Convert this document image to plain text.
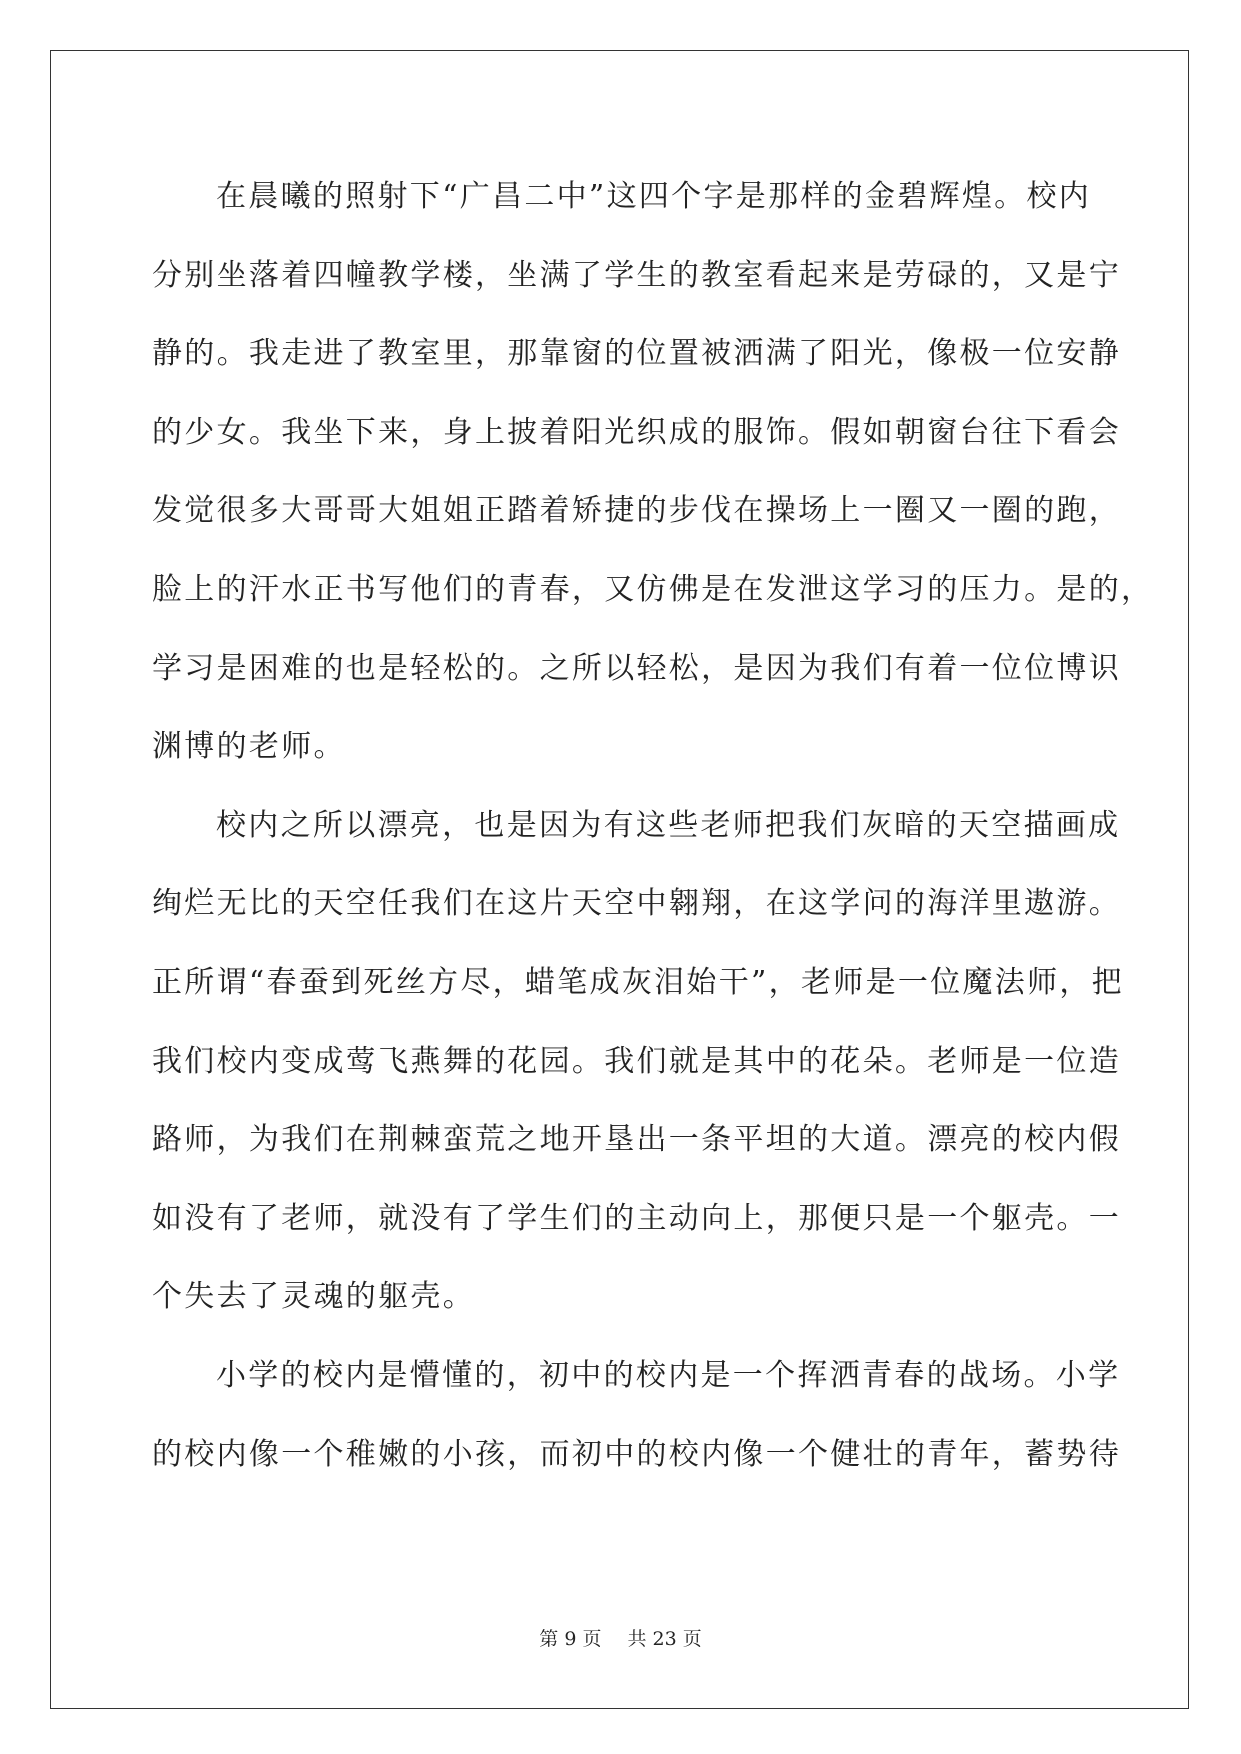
在晨曦的照射下“广昌二中”这四个字是那样的金碧辉煌。校内
分别坐落着四幢教学楼，坐满了学生的教室看起来是劳碌的，又是宁
静的。我走进了教室里，那靠窗的位置被洒满了阳光，像极一位安静
的少女。我坐下来，身上披着阳光织成的服饰。假如朝窗台往下看会
发觉很多大哥哥大姐姐正踏着矫捷的步伐在操场上一圈又一圈的跑，
脸上的汗水正书写他们的青春，又仿佛是在发泄这学习的压力。是的，
学习是困难的也是轻松的。之所以轻松，是因为我们有着一位位博识
渊博的老师。
校内之所以漂亮，也是因为有这些老师把我们灰暗的天空描画成
绚烂无比的天空任我们在这片天空中翱翔，在这学问的海洋里遨游。
正所谓“春蚕到死丝方尽，蜡笔成灰泪始干”，老师是一位魔法师，把
我们校内变成莺飞燕舞的花园。我们就是其中的花朵。老师是一位造
路师，为我们在荆棘蛮荒之地开垦出一条平坦的大道。漂亮的校内假
如没有了老师，就没有了学生们的主动向上，那便只是一个躯壳。一
个失去了灵魂的躯壳。
小学的校内是懵懂的，初中的校内是一个挥洒青春的战场。小学
的校内像一个稚嫩的小孩，而初中的校内像一个健壮的青年，蓄势待
第 9 页 共 23 页
